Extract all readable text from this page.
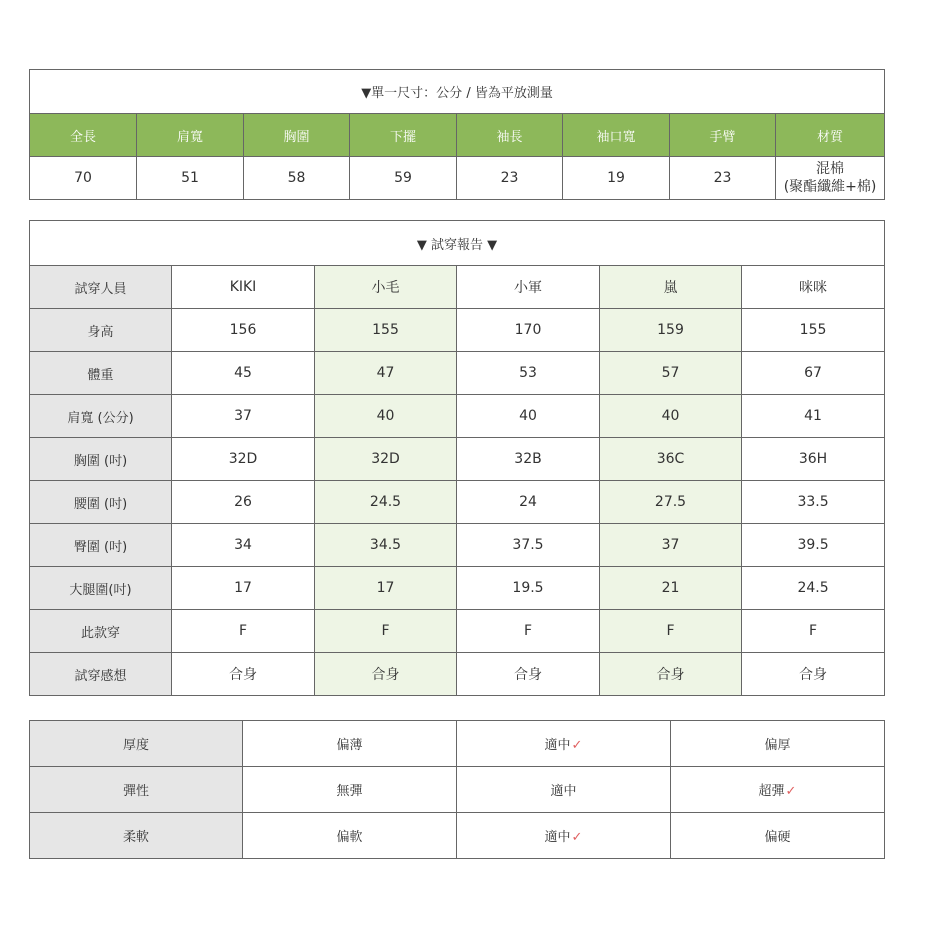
▼單一尺寸：公分 / 皆為平放測量							
全長	肩寬	胸圍	下擺	袖長	袖口寬	手臂	材質
70	51	58	59	23	19	23	混棉
(聚酯纖維+棉)
▼ 試穿報告 ▼					
試穿人員	KIKI	小毛	小軍	嵐	咪咪
身高	156	155	170	159	155
體重	45	47	53	57	67
肩寬 (公分)	37	40	40	40	41
胸圍 (吋)	32D	32D	32B	36C	36H
腰圍 (吋)	26	24.5	24	27.5	33.5
臀圍 (吋)	34	34.5	37.5	37	39.5
大腿圍(吋)	17	17	19.5	21	24.5
此款穿	F	F	F	F	F
試穿感想	合身	合身	合身	合身	合身
厚度	偏薄	適中✓	偏厚
彈性	無彈	適中	超彈✓
柔軟	偏軟	適中✓	偏硬
